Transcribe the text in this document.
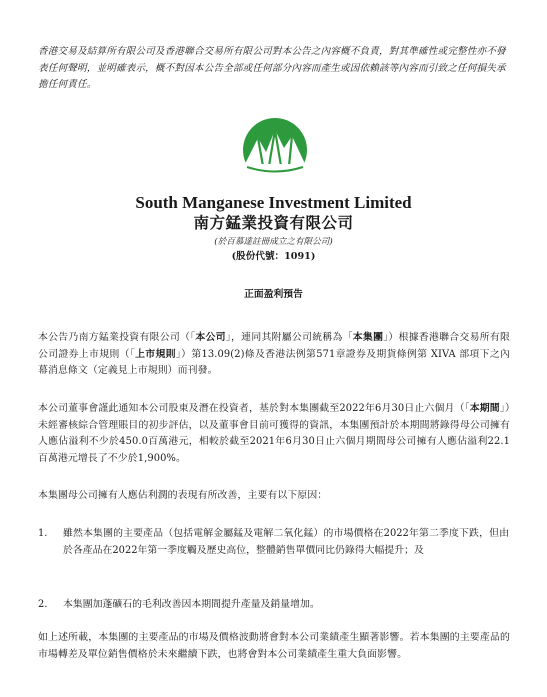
香港交易及結算所有限公司及香港聯合交易所有限公司對本公告之內容概不負責，對其準確性或完整性亦不發表任何聲明，並明確表示，概不對因本公告全部或任何部分內容而產生或因依賴該等內容而引致之任何損失承擔任何責任。
South Manganese Investment Limited
南方錳業投資有限公司
(於百慕達註冊成立之有限公司)
(股份代號：1091)
正面盈利預告
本公告乃南方錳業投資有限公司（「本公司」，連同其附屬公司統稱為「本集團」）根據香港聯合交易所有限公司證券上市規則（「上市規則」）第13.09(2)條及香港法例第571章證券及期貨條例第 XIVA 部項下之內幕消息條文（定義見上市規則）而刊發。
本公司董事會謹此通知本公司股東及潛在投資者，基於對本集團截至2022年6月30日止六個月（「本期間」）未經審核綜合管理賬目的初步評估，以及董事會目前可獲得的資訊，本集團預計於本期間將錄得母公司擁有人應佔溢利不少於450.0百萬港元，相較於截至2021年6月30日止六個月期間母公司擁有人應佔溢利22.1百萬港元增長了不少於1,900%。
本集團母公司擁有人應佔利潤的表現有所改善，主要有以下原因：
1.	雖然本集團的主要產品（包括電解金屬錳及電解二氧化錳）的市場價格在2022年第二季度下跌，但由於各產品在2022年第一季度觸及歷史高位，整體銷售單價同比仍錄得大幅提升；及
2.	本集團加蓬礦石的毛利改善因本期間提升產量及銷量增加。
如上述所載，本集團的主要產品的市場及價格波動將會對本公司業績產生顯著影響。若本集團的主要產品的市場轉差及單位銷售價格於未來繼續下跌，也將會對本公司業績產生重大負面影響。
